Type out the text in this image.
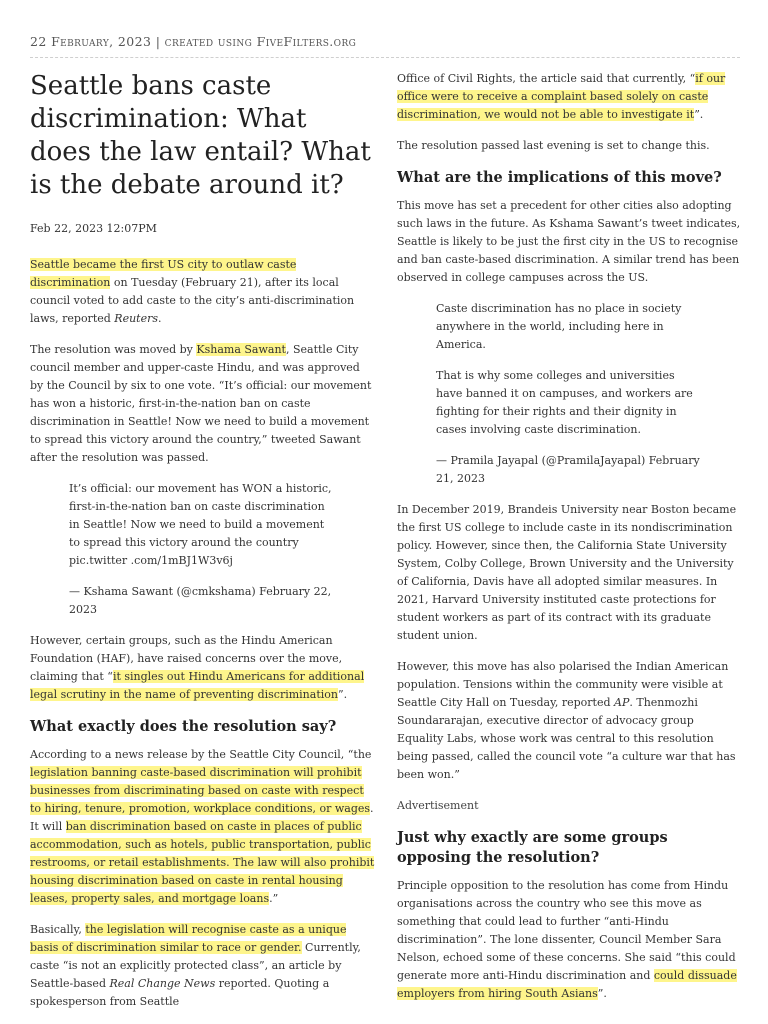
22 February, 2023 | created using FiveFilters.org
Seattle bans caste discrimination: What does the law entail? What is the debate around it?
Feb 22, 2023 12:07PM

Seattle became the first US city to outlaw caste discrimination on Tuesday (February 21), after its local council voted to add caste to the city’s anti-discrimination laws, reported Reuters.

The resolution was moved by Kshama Sawant, Seattle City council member and upper-caste Hindu, and was approved by the Council by six to one vote. “It’s official: our movement has won a historic, first-in-the-nation ban on caste discrimination in Seattle! Now we need to build a movement to spread this victory around the country,” tweeted Sawant after the resolution was passed.

It’s official: our movement has WON a historic, first-in-the-nation ban on caste discrimination in Seattle! Now we need to build a movement to spread this victory around the country pic.twitter .com/1mBJ1W3v6j

— Kshama Sawant (@cmkshama) February 22, 2023

However, certain groups, such as the Hindu American Foundation (HAF), have raised concerns over the move, claiming that “it singles out Hindu Americans for additional legal scrutiny in the name of preventing discrimination”.

What exactly does the resolution say?

According to a news release by the Seattle City Council, “the legislation banning caste-based discrimination will prohibit businesses from discriminating based on caste with respect to hiring, tenure, promotion, workplace conditions, or wages. It will ban discrimination based on caste in places of public accommodation, such as hotels, public transportation, public restrooms, or retail establishments. The law will also prohibit housing discrimination based on caste in rental housing leases, property sales, and mortgage loans.”

Basically, the legislation will recognise caste as a unique basis of discrimination similar to race or gender. Currently, caste “is not an explicitly protected class”, an article by Seattle-based Real Change News reported. Quoting a spokesperson from Seattle

Office of Civil Rights, the article said that currently, “if our office were to receive a complaint based solely on caste discrimination, we would not be able to investigate it”.

The resolution passed last evening is set to change this.

What are the implications of this move?

This move has set a precedent for other cities also adopting such laws in the future. As Kshama Sawant’s tweet indicates, Seattle is likely to be just the first city in the US to recognise and ban caste-based discrimination. A similar trend has been observed in college campuses across the US.

Caste discrimination has no place in society anywhere in the world, including here in America.

That is why some colleges and universities have banned it on campuses, and workers are fighting for their rights and their dignity in cases involving caste discrimination.

— Pramila Jayapal (@PramilaJayapal) February 21, 2023

In December 2019, Brandeis University near Boston became the first US college to include caste in its nondiscrimination policy. However, since then, the California State University System, Colby College, Brown University and the University of California, Davis have all adopted similar measures. In 2021, Harvard University instituted caste protections for student workers as part of its contract with its graduate student union.

However, this move has also polarised the Indian American population. Tensions within the community were visible at Seattle City Hall on Tuesday, reported AP. Thenmozhi Soundararajan, executive director of advocacy group Equality Labs, whose work was central to this resolution being passed, called the council vote “a culture war that has been won.”

Advertisement
Just why exactly are some groups opposing the resolution?

Principle opposition to the resolution has come from Hindu organisations across the country who see this move as something that could lead to further “anti-Hindu discrimination”. The lone dissenter, Council Member Sara Nelson, echoed some of these concerns. She said “this could generate more anti-Hindu discrimination and could dissuade employers from hiring South Asians”.
